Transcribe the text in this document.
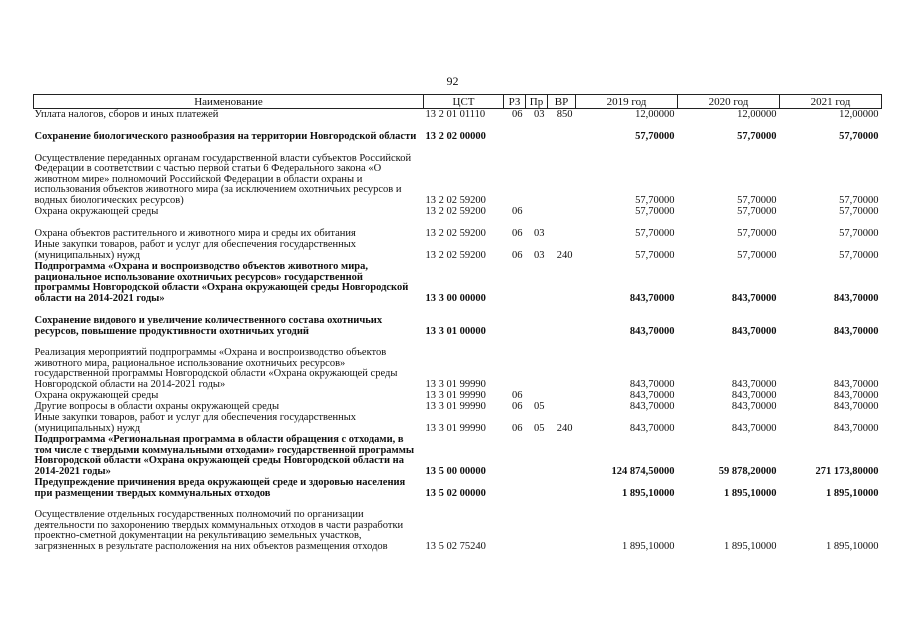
92
Наименование	ЦСТ	РЗ	Пр	ВР	2019 год	2020 год	2021 год
Уплата налогов, сборов и иных платежей	13 2 01 01110	06	03	850	12,00000	12,00000	12,00000
Сохранение биологического разнообразия на территории Новгородской области	13 2 02 00000				57,70000	57,70000	57,70000
Осуществление переданных органам государственной власти субъектов Российской Федерации в соответствии с частью первой статьи 6 Федерального закона «О животном мире» полномочий Российской Федерации в области охраны и использования объектов животного мира (за исключением охотничьих ресурсов и водных биологических ресурсов)	13 2 02 59200				57,70000	57,70000	57,70000
Охрана окружающей среды	13 2 02 59200	06			57,70000	57,70000	57,70000
Охрана объектов растительного и животного мира и среды их обитания	13 2 02 59200	06	03		57,70000	57,70000	57,70000
Иные закупки товаров, работ и услуг для обеспечения государственных (муниципальных) нужд	13 2 02 59200	06	03	240	57,70000	57,70000	57,70000
Подпрограмма «Охрана и воспроизводство объектов животного мира, рациональное использование охотничьих ресурсов» государственной программы Новгородской области «Охрана окружающей среды Новгородской области на 2014-2021 годы»	13 3 00 00000				843,70000	843,70000	843,70000
Сохранение видового и увеличение количественного состава охотничьих ресурсов, повышение продуктивности охотничьих угодий	13 3 01 00000				843,70000	843,70000	843,70000
Реализация мероприятий подпрограммы «Охрана и воспроизводство объектов животного мира, рациональное использование охотничьих ресурсов» государственной программы Новгородской области «Охрана окружающей среды Новгородской области на 2014-2021 годы»	13 3 01 99990				843,70000	843,70000	843,70000
Охрана окружающей среды	13 3 01 99990	06			843,70000	843,70000	843,70000
Другие вопросы в области охраны окружающей среды	13 3 01 99990	06	05		843,70000	843,70000	843,70000
Иные закупки товаров, работ и услуг для обеспечения государственных (муниципальных) нужд	13 3 01 99990	06	05	240	843,70000	843,70000	843,70000
Подпрограмма «Региональная программа в области обращения с отходами, в том числе с твердыми коммунальными отходами» государственной программы Новгородской области «Охрана окружающей среды Новгородской области на 2014-2021 годы»	13 5 00 00000				124 874,50000	59 878,20000	271 173,80000
Предупреждение причинения вреда окружающей среде и здоровью населения при размещении твердых коммунальных отходов	13 5 02 00000				1 895,10000	1 895,10000	1 895,10000
Осуществление отдельных государственных полномочий по организации деятельности по захоронению твердых коммунальных отходов в части разработки проектно-сметной документации на рекультивацию земельных участков, загрязненных в результате расположения на них объектов размещения отходов	13 5 02 75240				1 895,10000	1 895,10000	1 895,10000
